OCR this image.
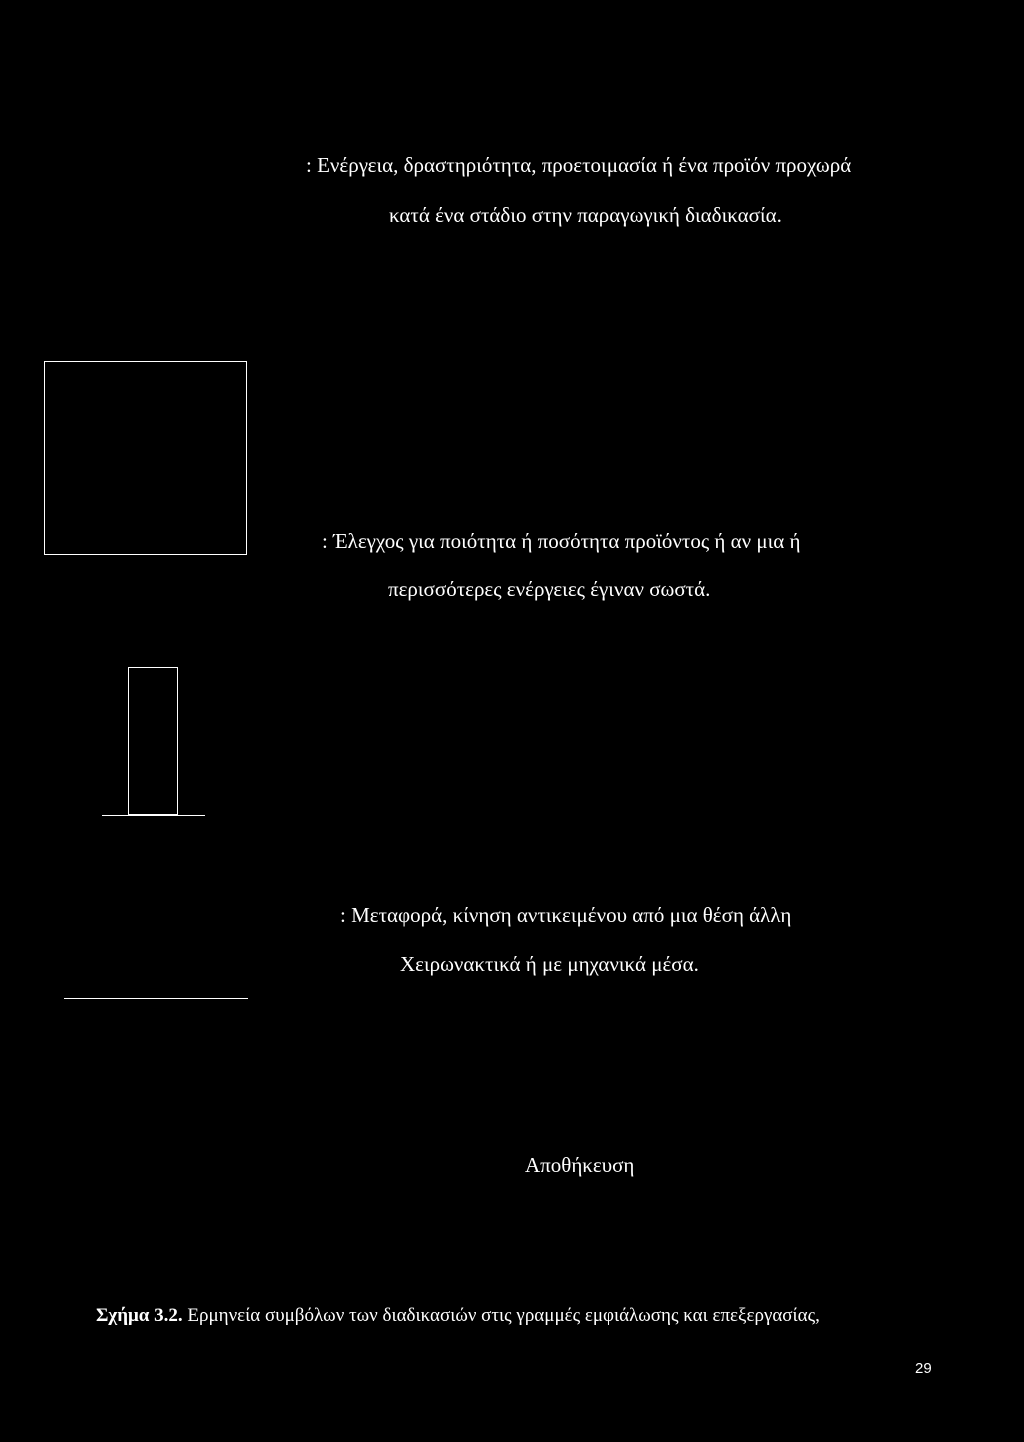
: Ενέργεια, δραστηριότητα, προετοιμασία ή ένα προϊόν προχωρά
κατά ένα στάδιο στην παραγωγική διαδικασία.
: Έλεγχος για ποιότητα ή ποσότητα προϊόντος ή αν μια ή
περισσότερες ενέργειες έγιναν σωστά.
: Μεταφορά, κίνηση αντικειμένου από μια θέση άλλη
Χειρωνακτικά ή με μηχανικά μέσα.
Αποθήκευση
Σχήμα 3.2. Ερμηνεία συμβόλων των διαδικασιών στις γραμμές εμφιάλωσης και επεξεργασίας,
29
